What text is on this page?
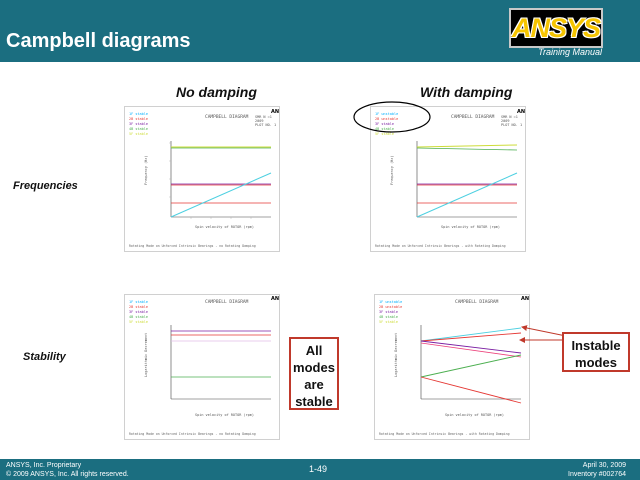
Campbell diagrams	ANSYS
Training Manual
No damping	With damping
Frequencies
Stability
CAMPBELL DIAGRAM
AN
SMR N =1
2009
PLOT NO. 1
1F stable
2B stable
3F stable
4B stable
5F stable
Frequency (Hz)
Spin velocity of ROTOR (rpm)
Rotating Mode on Unforced Intrinsic Bearings - no Rotating Damping
CAMPBELL DIAGRAM
AN
SMR N =1
2009
PLOT NO. 1
1F unstable
2B unstable
3F stable
4B stable
5F stable
Frequency (Hz)
Spin velocity of ROTOR (rpm)
Rotating Mode on Unforced Intrinsic Bearings - with Rotating Damping
CAMPBELL DIAGRAM
AN
1F stable
2B stable
3F stable
4B stable
5F stable
Logarithmic Decrement
Spin velocity of ROTOR (rpm)
Rotating Mode on Unforced Intrinsic Bearings - no Rotating Damping
CAMPBELL DIAGRAM
AN
1F unstable
2B unstable
3F stable
4B stable
5F stable
Logarithmic Decrement
Spin velocity of ROTOR (rpm)
Rotating Mode on Unforced Intrinsic Bearings - with Rotating Damping
All modes are stable
Instable modes
ANSYS, Inc. Proprietary
© 2009 ANSYS, Inc. All rights reserved.
1-49	April 30, 2009
Inventory #002764
